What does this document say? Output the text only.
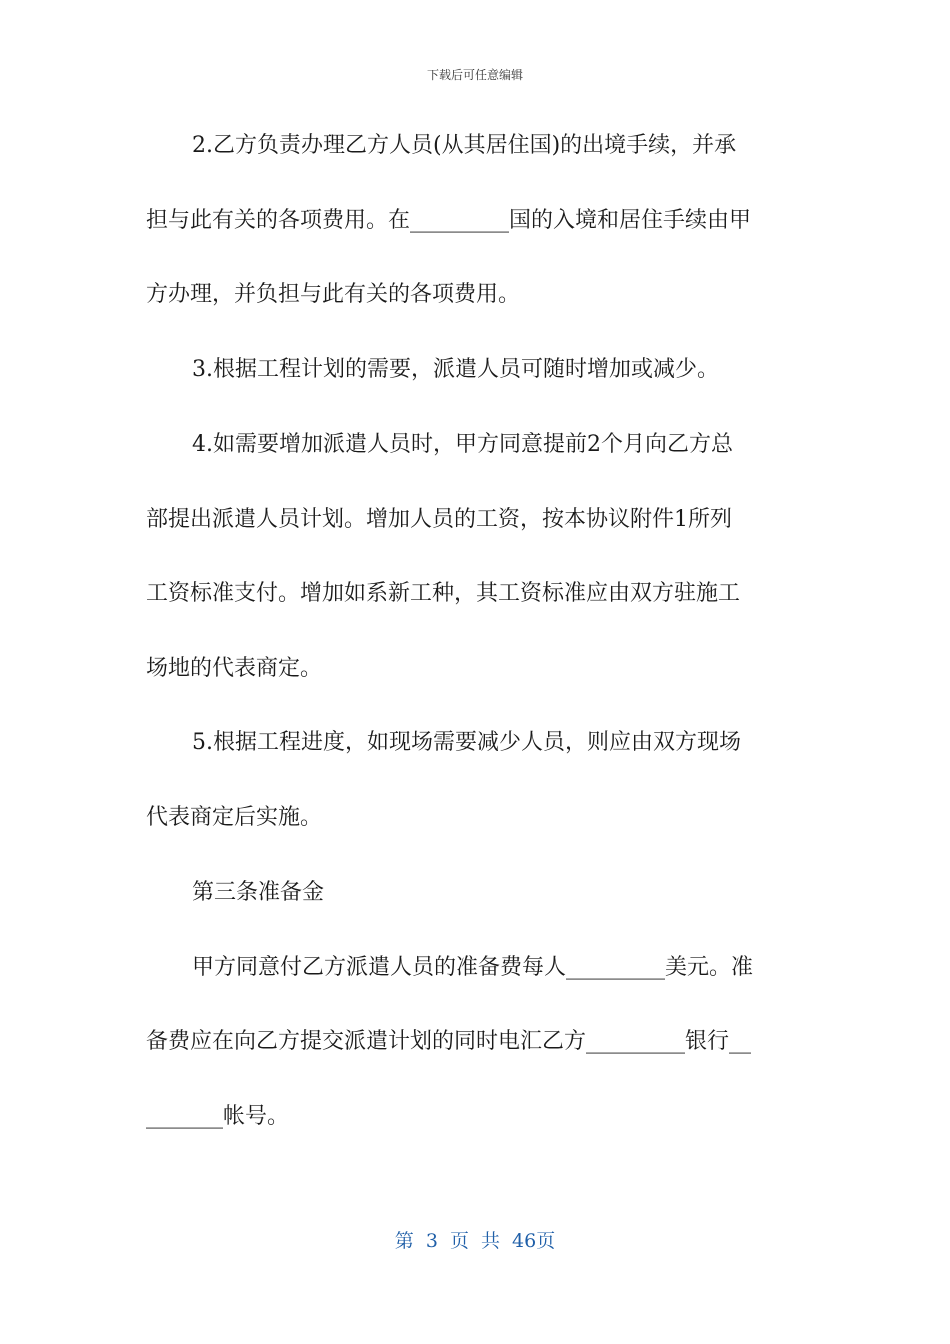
下载后可任意编辑
2.乙方负责办理乙方人员(从其居住国)的出境手续，并承
担与此有关的各项费用。在_________国的入境和居住手续由甲
方办理，并负担与此有关的各项费用。
3.根据工程计划的需要，派遣人员可随时增加或减少。
4.如需要增加派遣人员时，甲方同意提前2个月向乙方总
部提出派遣人员计划。增加人员的工资，按本协议附件1所列
工资标准支付。增加如系新工种，其工资标准应由双方驻施工
场地的代表商定。
5.根据工程进度，如现场需要减少人员，则应由双方现场
代表商定后实施。
第三条准备金
甲方同意付乙方派遣人员的准备费每人_________美元。准
备费应在向乙方提交派遣计划的同时电汇乙方_________银行__
_______帐号。
第 3 页 共 46页
